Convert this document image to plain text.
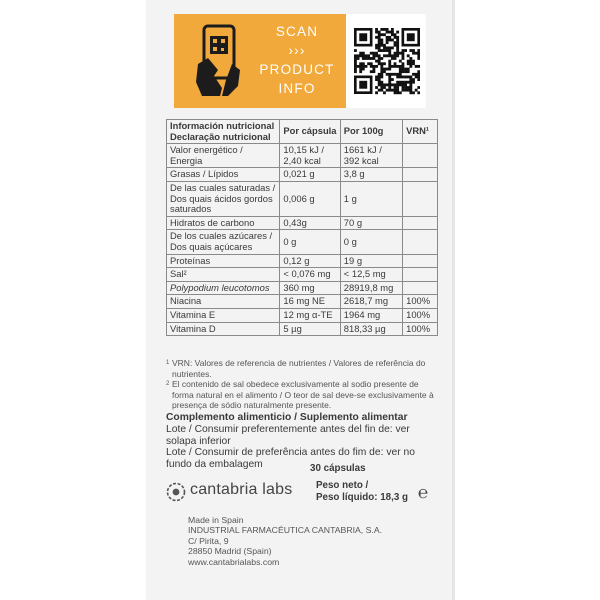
SCAN
›››
PRODUCT
INFO
Información nutricional Declaração nutricional	Por cápsula	Por 100g	VRN¹
Valor energético / Energia	10,15 kJ / 2,40 kcal	1661 kJ / 392 kcal	
Grasas / Lípidos	0,021 g	3,8 g	
De las cuales saturadas / Dos quais ácidos gordos saturados	0,006 g	1 g	
Hidratos de carbono	0,43g	70 g	
De los cuales azúcares / Dos quais açúcares	0 g	0 g	
Proteínas	0,12 g	19 g	
Sal²	< 0,076 mg	< 12,5 mg	
Polypodium leucotomos	360 mg	28919,8 mg	
Niacina	16 mg NE	2618,7 mg	100%
Vitamina E	12 mg α-TE	1964 mg	100%
Vitamina D	5 µg	818,33 µg	100%
1 VRN: Valores de referencia de nutrientes / Valores de referência do nutrientes.
2 El contenido de sal obedece exclusivamente al sodio presente de forma natural en el alimento / O teor de sal deve-se exclusivamente à presença de sódio naturalmente presente.
Complemento alimenticio / Suplemento alimentar
Lote / Consumir preferentemente antes del fin de: ver solapa inferior
Lote / Consumir de preferência antes do fim de: ver no fundo da embalagem	30 cápsulas
cantabria labs Peso neto /
Peso líquido: 18,3 g ℮
Made in Spain
INDUSTRIAL FARMACÉUTICA CANTABRIA, S.A.
C/ Pirita, 9
28850 Madrid (Spain)
www.cantabrialabs.com
